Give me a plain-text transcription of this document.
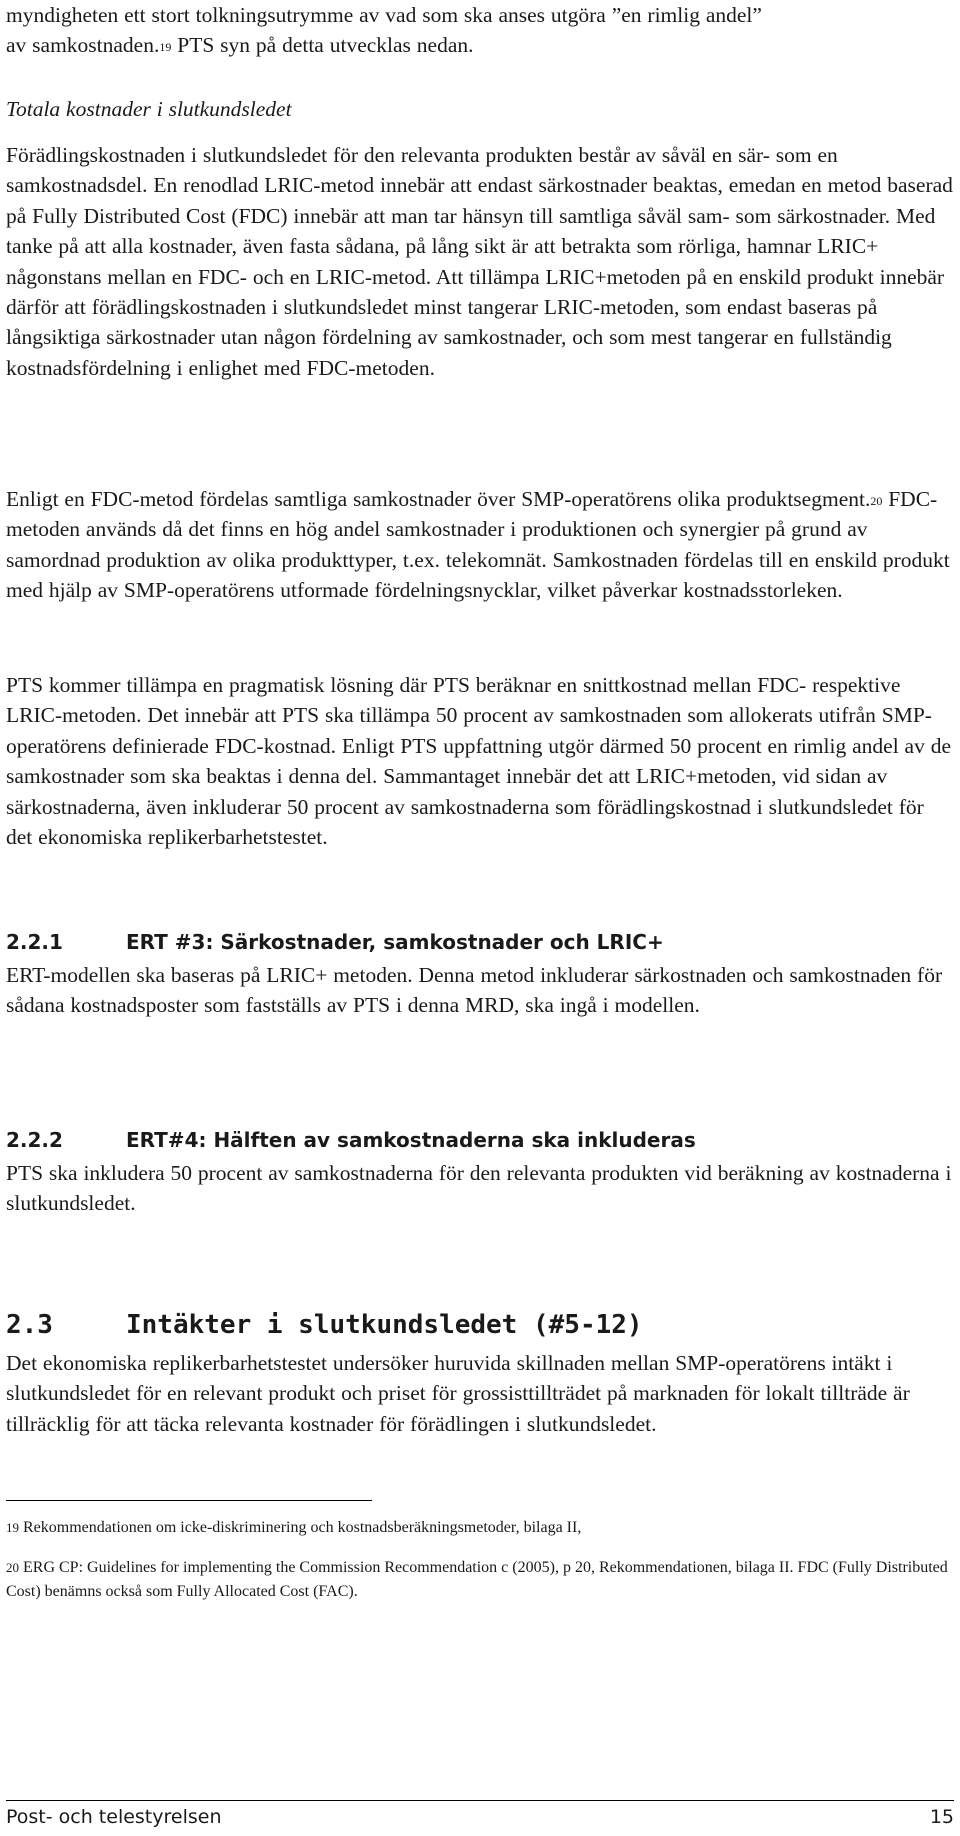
myndigheten ett stort tolkningsutrymme av vad som ska anses utgöra ”en rimlig andel”
av samkostnaden.$^{19}$ PTS syn på detta utvecklas nedan.

Totala kostnader i slutkundsledet

Förädlingskostnaden i slutkundsledet för den relevanta produkten består av såväl en sär- som en samkostnadsdel. En renodlad LRIC-metod innebär att endast särkostnader beaktas, emedan en metod baserad på Fully Distributed Cost (FDC) innebär att man tar hänsyn till samtliga såväl sam- som särkostnader. Med tanke på att alla kostnader, även fasta sådana, på lång sikt är att betrakta som rörliga, hamnar LRIC+ någonstans mellan en FDC- och en LRIC-metod. Att tillämpa LRIC+metoden på en enskild produkt innebär därför att förädlingskostnaden i slutkundsledet minst tangerar LRIC-metoden, som endast baseras på långsiktiga särkostnader utan någon fördelning av samkostnader, och som mest tangerar en fullständig kostnadsfördelning i enlighet med FDC-metoden.

Enligt en FDC-metod fördelas samtliga samkostnader över SMP-operatörens olika produktsegment.$^{20}$ FDC-metoden används då det finns en hög andel samkostnader i produktionen och synergier på grund av samordnad produktion av olika produkttyper, t.ex. telekomnät. Samkostnaden fördelas till en enskild produkt med hjälp av SMP-operatörens utformade fördelningsnycklar, vilket påverkar kostnadsstorleken.

PTS kommer tillämpa en pragmatisk lösning där PTS beräknar en snittkostnad mellan FDC- respektive LRIC-metoden. Det innebär att PTS ska tillämpa 50 procent av samkostnaden som allokerats utifrån SMP-operatörens definierade FDC-kostnad. Enligt PTS uppfattning utgör därmed 50 procent en rimlig andel av de samkostnader som ska beaktas i denna del. Sammantaget innebär det att LRIC+metoden, vid sidan av särkostnaderna, även inkluderar 50 procent av samkostnaderna som förädlingskostnad i slutkundsledet för det ekonomiska replikerbarhetstestet.

2.2.1	ERT #3: Särkostnader, samkostnader och LRIC+

ERT-modellen ska baseras på LRIC+ metoden. Denna metod inkluderar särkostnaden och samkostnaden för sådana kostnadsposter som fastställs av PTS i denna MRD, ska ingå i modellen.

2.2.2	ERT#4: Hälften av samkostnaderna ska inkluderas

PTS ska inkludera 50 procent av samkostnaderna för den relevanta produkten vid beräkning av kostnaderna i slutkundsledet.

2.3	Intäkter i slutkundsledet (#5-12)

Det ekonomiska replikerbarhetstestet undersöker huruvida skillnaden mellan SMP-operatörens intäkt i slutkundsledet för en relevant produkt och priset för grossisttillträdet på marknaden för lokalt tillträde är tillräcklig för att täcka relevanta kostnader för förädlingen i slutkundsledet.

$^{19}$ Rekommendationen om icke-diskriminering och kostnadsberäkningsmetoder, bilaga II,

$^{20}$ ERG CP: Guidelines for implementing the Commission Recommendation c (2005), p 20, Rekommendationen, bilaga II. FDC (Fully Distributed Cost) benämns också som Fully Allocated Cost (FAC).

Post- och telestyrelsen	15
